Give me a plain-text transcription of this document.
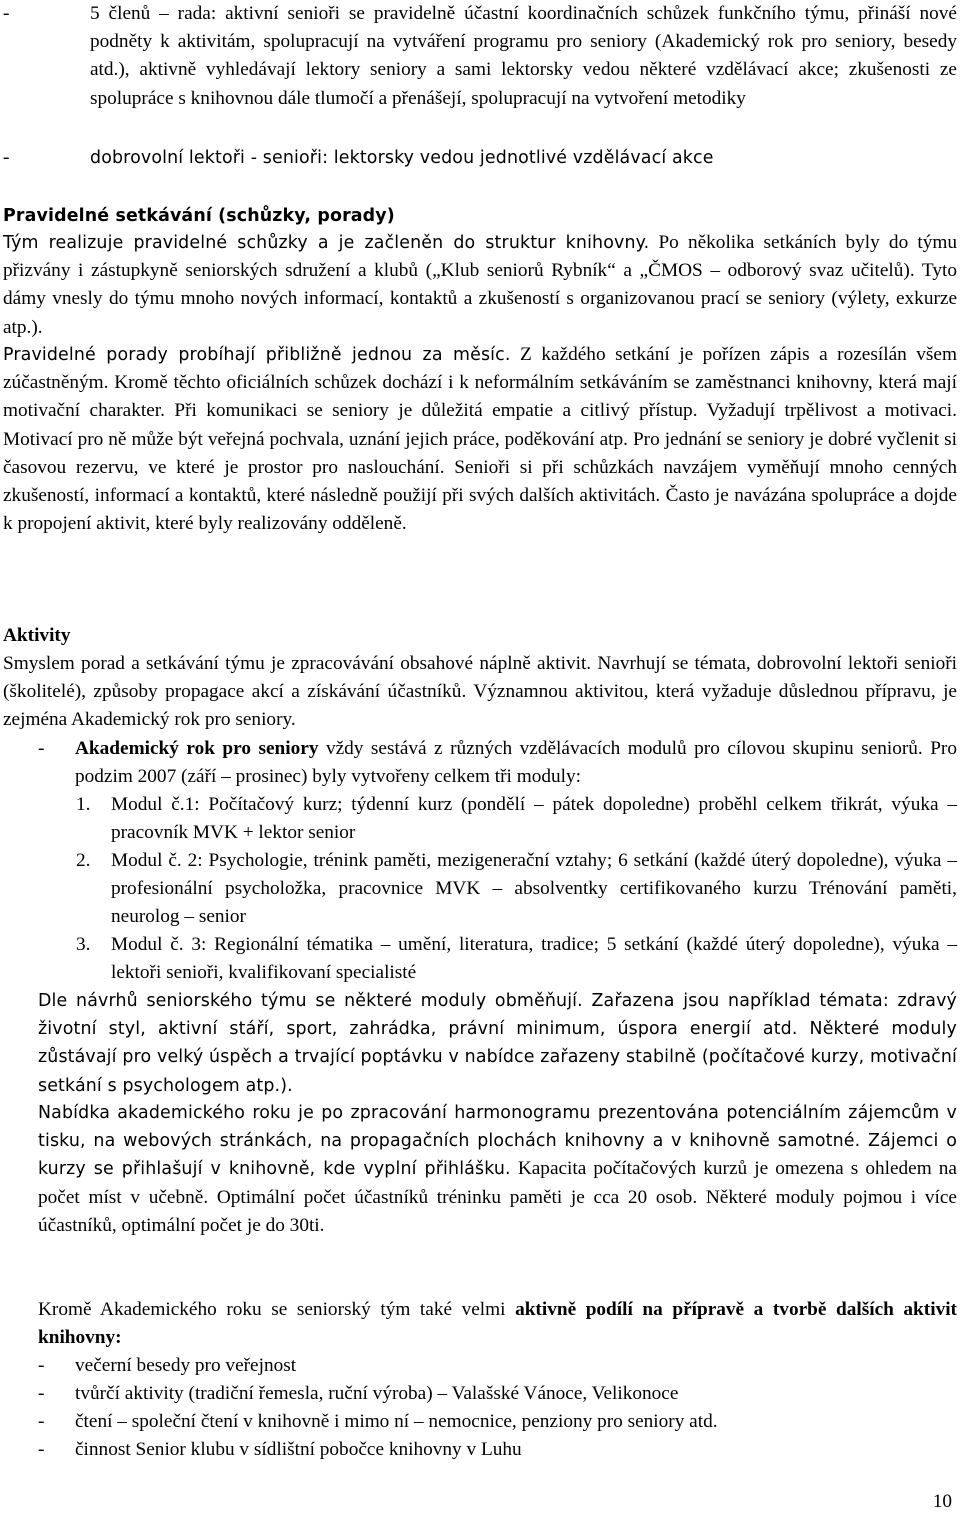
-	5 členů – rada: aktivní senioři se pravidelně účastní koordinačních schůzek funkčního týmu, přináší nové podněty k aktivitám, spolupracují na vytváření programu pro seniory (Akademický rok pro seniory, besedy atd.), aktivně vyhledávají lektory seniory a sami lektorsky vedou některé vzdělávací akce; zkušenosti ze spolupráce s knihovnou dále tlumočí a přenášejí, spolupracují na vytvoření metodiky
-	dobrovolní lektoři - senioři: lektorsky vedou jednotlivé vzdělávací akce
Pravidelné setkávání (schůzky, porady)
Tým realizuje pravidelné schůzky a je začleněn do struktur knihovny. Po několika setkáních byly do týmu přizvány i zástupkyně seniorských sdružení a klubů („Klub seniorů Rybník“ a „ČMOS – odborový svaz učitelů). Tyto dámy vnesly do týmu mnoho nových informací, kontaktů a zkušeností s organizovanou prací se seniory (výlety, exkurze atp.).
Pravidelné porady probíhají přibližně jednou za měsíc. Z každého setkání je pořízen zápis a rozesílán všem zúčastněným. Kromě těchto oficiálních schůzek dochází i k neformálním setkáváním se zaměstnanci knihovny, která mají motivační charakter. Při komunikaci se seniory je důležitá empatie a citlivý přístup. Vyžadují trpělivost a motivaci. Motivací pro ně může být veřejná pochvala, uznání jejich práce, poděkování atp. Pro jednání se seniory je dobré vyčlenit si časovou rezervu, ve které je prostor pro naslouchání. Senioři si při schůzkách navzájem vyměňují mnoho cenných zkušeností, informací a kontaktů, které následně použijí při svých dalších aktivitách. Často je navázána spolupráce a dojde k propojení aktivit, které byly realizovány odděleně.
Aktivity
Smyslem porad a setkávání týmu je zpracovávání obsahové náplně aktivit. Navrhují se témata, dobrovolní lektoři senioři (školitelé), způsoby propagace akcí a získávání účastníků. Významnou aktivitou, která vyžaduje důslednou přípravu, je zejména Akademický rok pro seniory.
- Akademický rok pro seniory vždy sestává z různých vzdělávacích modulů pro cílovou skupinu seniorů. Pro podzim 2007 (září – prosinec) byly vytvořeny celkem tři moduly:
1. Modul č.1: Počítačový kurz; týdenní kurz (pondělí – pátek dopoledne) proběhl celkem třikrát, výuka – pracovník MVK + lektor senior
2. Modul č. 2: Psychologie, trénink paměti, mezigenerační vztahy; 6 setkání (každé úterý dopoledne), výuka – profesionální psycholožka, pracovnice MVK – absolventky certifikovaného kurzu Trénování paměti, neurolog – senior
3. Modul č. 3: Regionální tématika – umění, literatura, tradice; 5 setkání (každé úterý dopoledne), výuka – lektoři senioři, kvalifikovaní specialisté
Dle návrhů seniorského týmu se některé moduly obměňují. Zařazena jsou například témata: zdravý životní styl, aktivní stáří, sport, zahrádka, právní minimum, úspora energií atd. Některé moduly zůstávají pro velký úspěch a trvající poptávku v nabídce zařazeny stabilně (počítačové kurzy, motivační setkání s psychologem atp.).
Nabídka akademického roku je po zpracování harmonogramu prezentována potenciálním zájemcům v tisku, na webových stránkách, na propagačních plochách knihovny a v knihovně samotné. Zájemci o kurzy se přihlašují v knihovně, kde vyplní přihlášku. Kapacita počítačových kurzů je omezena s ohledem na počet míst v učebně. Optimální počet účastníků tréninku paměti je cca 20 osob. Některé moduly pojmou i více účastníků, optimální počet je do 30ti.
Kromě Akademického roku se seniorský tým také velmi aktivně podílí na přípravě a tvorbě dalších aktivit knihovny:
- večerní besedy pro veřejnost
- tvůrčí aktivity (tradiční řemesla, ruční výroba) – Valašské Vánoce, Velikonoce
- čtení – společní čtení v knihovně i mimo ní – nemocnice, penziony pro seniory atd.
- činnost Senior klubu v sídlištní pobočce knihovny v Luhu
10
